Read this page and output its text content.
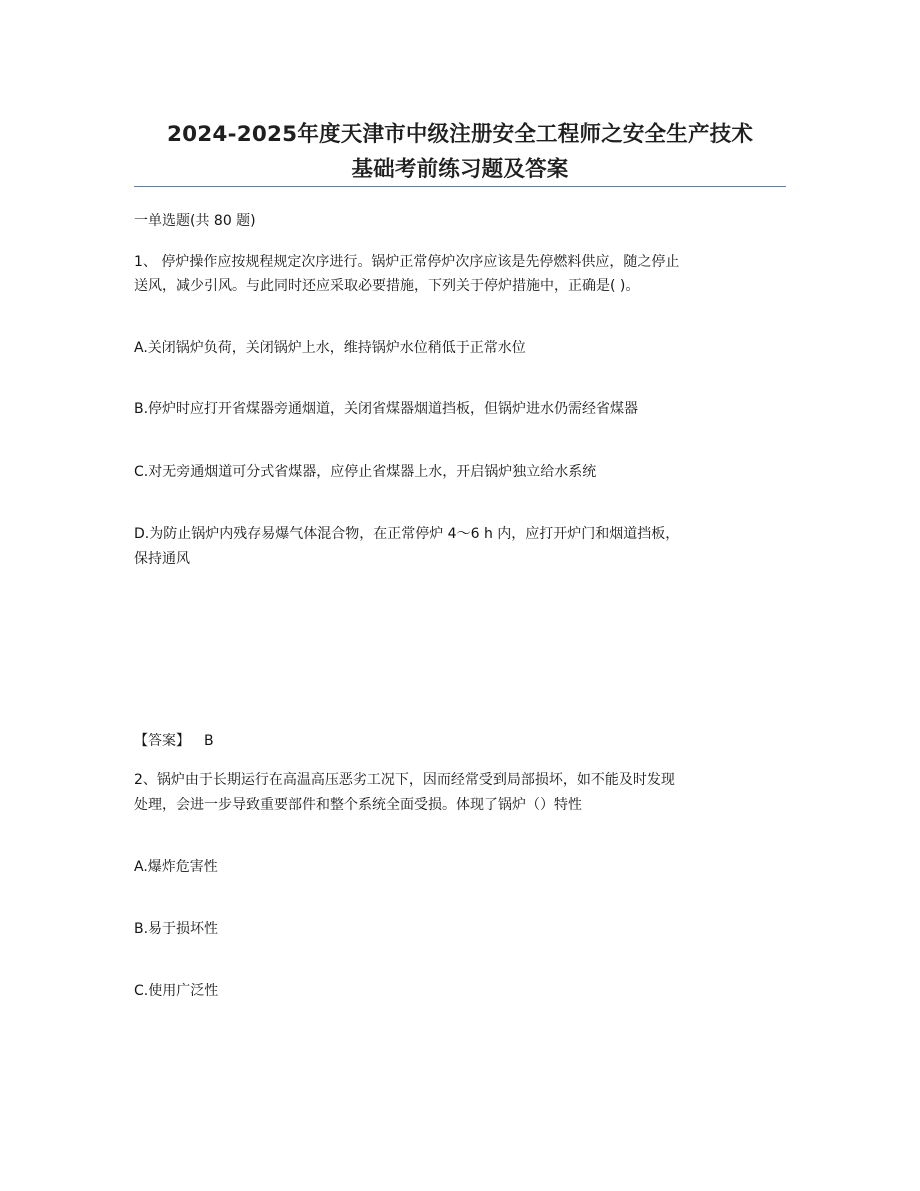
2024-2025年度天津市中级注册安全工程师之安全生产技术
基础考前练习题及答案
一单选题(共 80 题)
1、 停炉操作应按规程规定次序进行。锅炉正常停炉次序应该是先停燃料供应，随之停止
送风，减少引风。与此同时还应采取必要措施，下列关于停炉措施中，正确是( )。
A.关闭锅炉负荷，关闭锅炉上水，维持锅炉水位稍低于正常水位
B.停炉时应打开省煤器旁通烟道，关闭省煤器烟道挡板，但锅炉进水仍需经省煤器
C.对无旁通烟道可分式省煤器，应停止省煤器上水，开启锅炉独立给水系统
D.为防止锅炉内残存易爆气体混合物，在正常停炉 4～6 h 内，应打开炉门和烟道挡板，
保持通风
【答案】 B
2、锅炉由于长期运行在高温高压恶劣工况下，因而经常受到局部损坏，如不能及时发现
处理，会进一步导致重要部件和整个系统全面受损。体现了锅炉（）特性
A.爆炸危害性
B.易于损坏性
C.使用广泛性
